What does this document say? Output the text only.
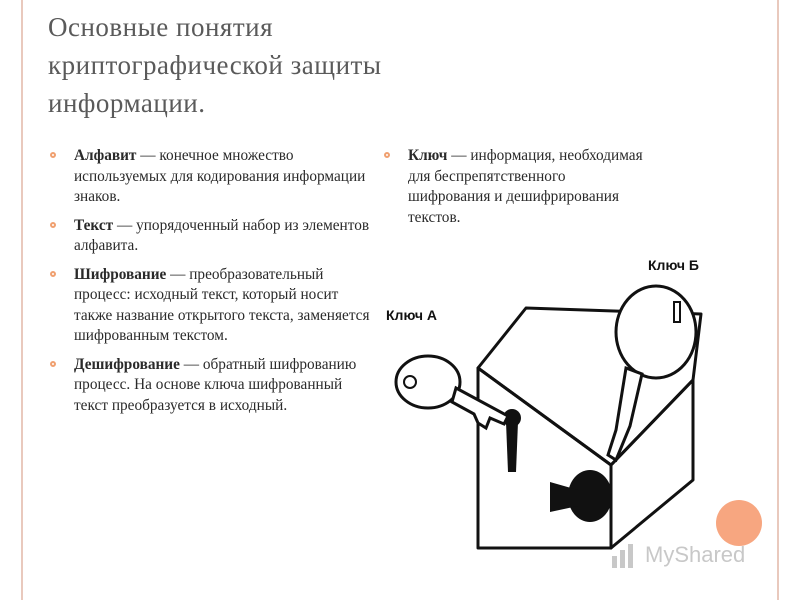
Основные понятия
криптографической защиты
информации.
Алфавит — конечное множество используемых для кодирования информации знаков.
Текст — упорядоченный набор из элементов алфавита.
Шифрование — преобразовательный процесс: исходный текст, который носит также название открытого текста, заменяется шифрованным текстом.
Дешифрование — обратный шифрованию процесс. На основе ключа шифрованный текст преобразуется в исходный.
Ключ — информация, необходимая для беспрепятственного шифрования и дешифрирования текстов.
Ключ А
Ключ Б
MyShared
